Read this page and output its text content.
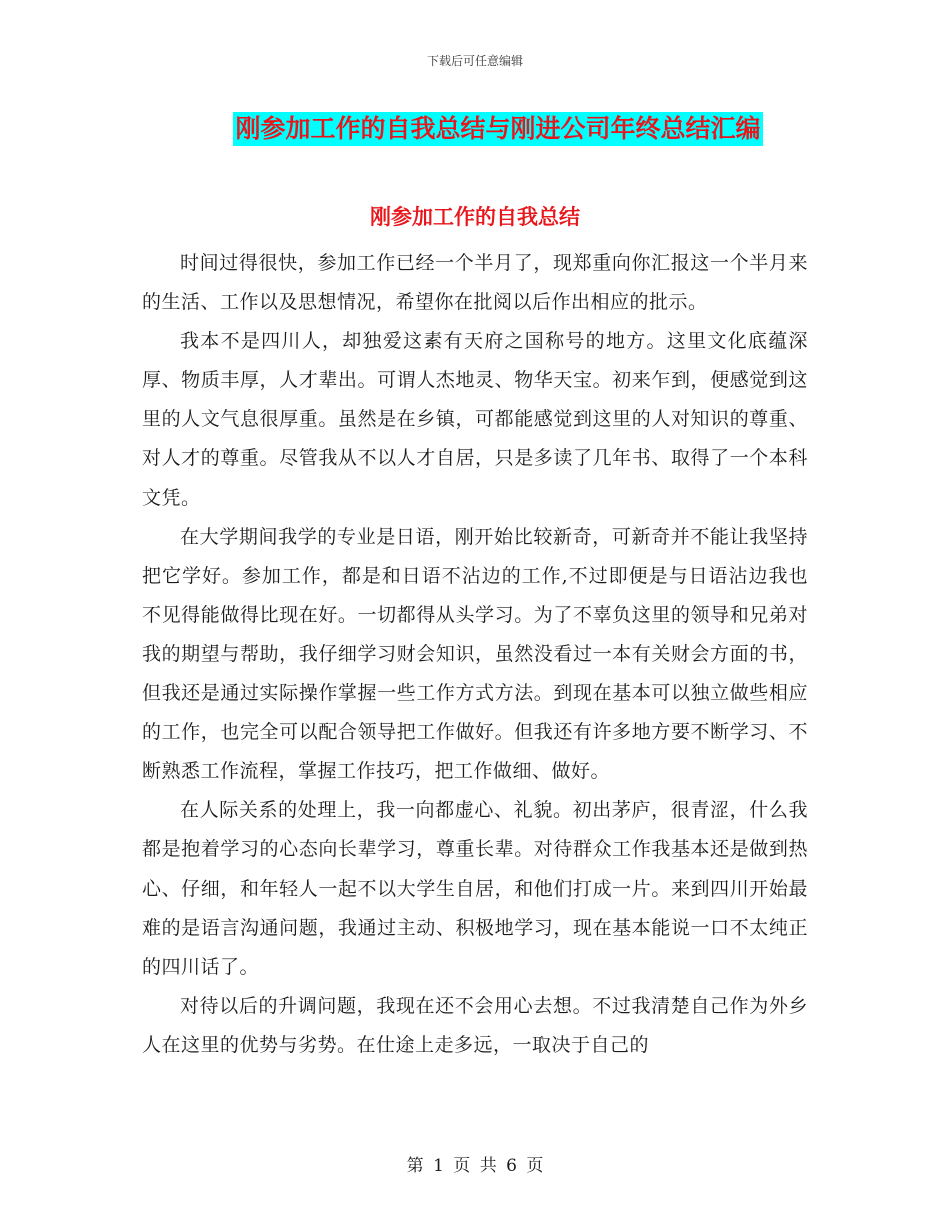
下载后可任意编辑
刚参加工作的自我总结与刚进公司年终总结汇编
刚参加工作的自我总结

时间过得很快，参加工作已经一个半月了，现郑重向你汇报这一个半月来的生活、工作以及思想情况，希望你在批阅以后作出相应的批示。

我本不是四川人，却独爱这素有天府之国称号的地方。这里文化底蕴深厚、物质丰厚，人才辈出。可谓人杰地灵、物华天宝。初来乍到，便感觉到这里的人文气息很厚重。虽然是在乡镇，可都能感觉到这里的人对知识的尊重、对人才的尊重。尽管我从不以人才自居，只是多读了几年书、取得了一个本科文凭。

在大学期间我学的专业是日语，刚开始比较新奇，可新奇并不能让我坚持把它学好。参加工作，都是和日语不沾边的工作,不过即便是与日语沾边我也不见得能做得比现在好。一切都得从头学习。为了不辜负这里的领导和兄弟对我的期望与帮助，我仔细学习财会知识，虽然没看过一本有关财会方面的书，但我还是通过实际操作掌握一些工作方式方法。到现在基本可以独立做些相应的工作，也完全可以配合领导把工作做好。但我还有许多地方要不断学习、不断熟悉工作流程，掌握工作技巧，把工作做细、做好。

在人际关系的处理上，我一向都虚心、礼貌。初出茅庐，很青涩，什么我都是抱着学习的心态向长辈学习，尊重长辈。对待群众工作我基本还是做到热心、仔细，和年轻人一起不以大学生自居，和他们打成一片。来到四川开始最难的是语言沟通问题，我通过主动、积极地学习，现在基本能说一口不太纯正的四川话了。

对待以后的升调问题，我现在还不会用心去想。不过我清楚自己作为外乡人在这里的优势与劣势。在仕途上走多远，一取决于自己的

第 1 页 共 6 页
